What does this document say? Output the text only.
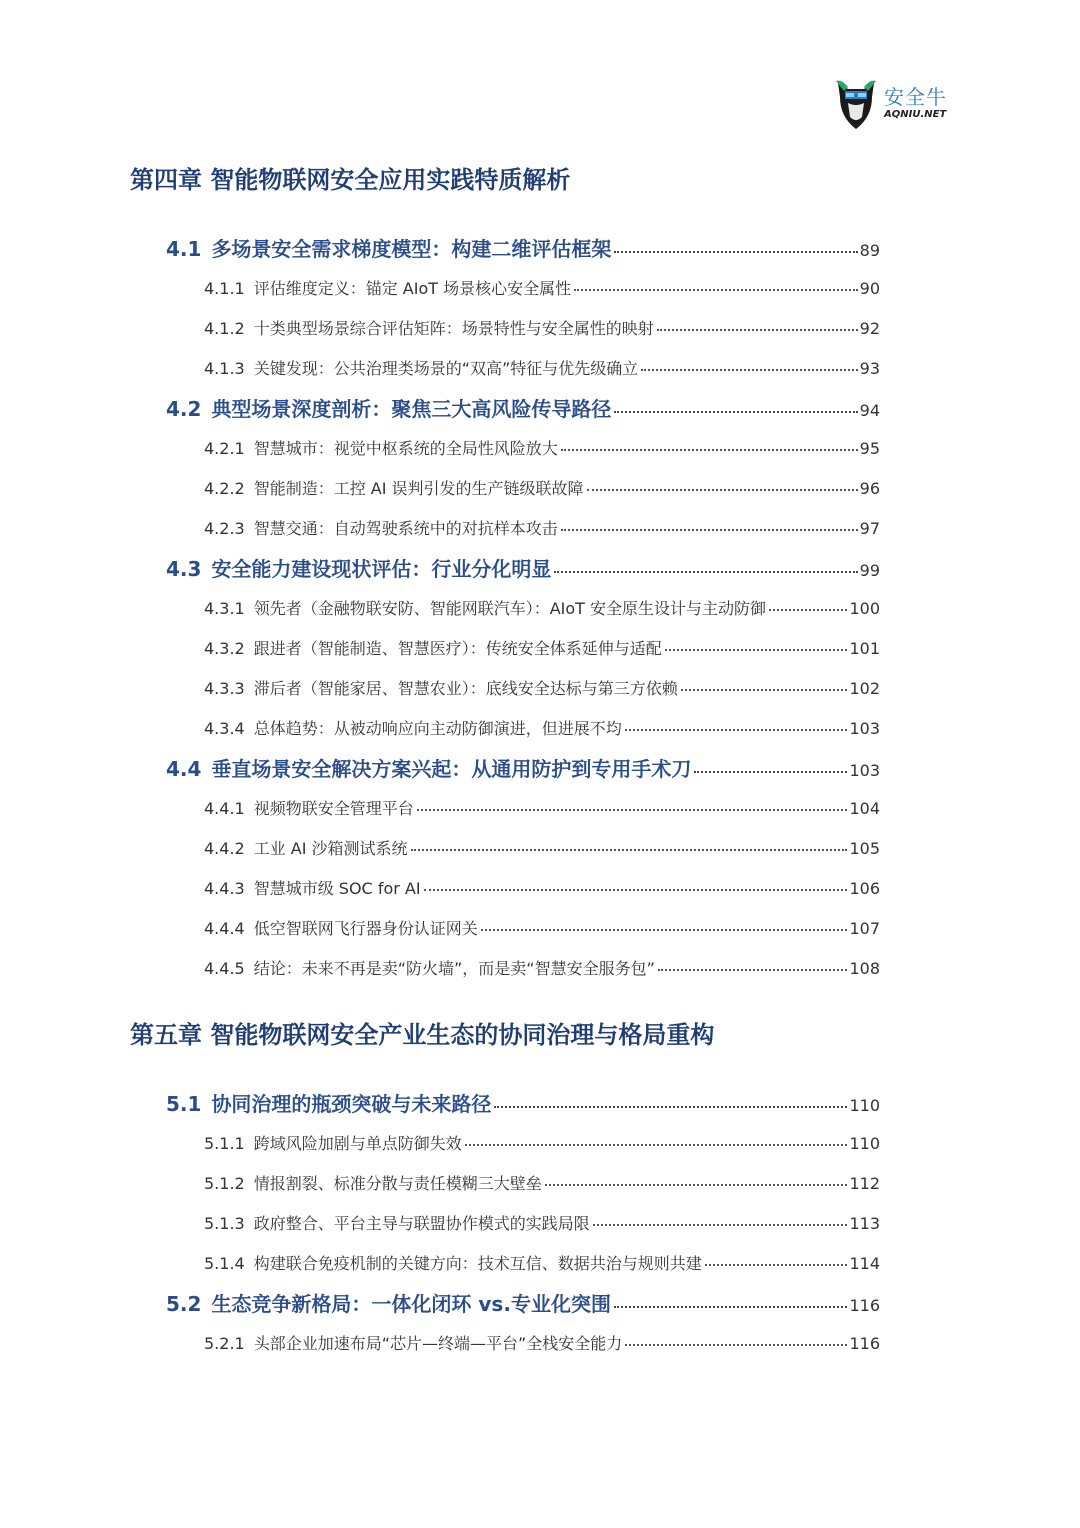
安全牛
AQNIU.NET
第四章 智能物联网安全应用实践特质解析
4.1 多场景安全需求梯度模型：构建二维评估框架	89
4.1.1 评估维度定义：锚定 AIoT 场景核心安全属性	90
4.1.2 十类典型场景综合评估矩阵：场景特性与安全属性的映射	92
4.1.3 关键发现：公共治理类场景的“双高”特征与优先级确立	93
4.2 典型场景深度剖析：聚焦三大高风险传导路径	94
4.2.1 智慧城市：视觉中枢系统的全局性风险放大	95
4.2.2 智能制造：工控 AI 误判引发的生产链级联故障	96
4.2.3 智慧交通：自动驾驶系统中的对抗样本攻击	97
4.3 安全能力建设现状评估：行业分化明显	99
4.3.1 领先者（金融物联安防、智能网联汽车）：AIoT 安全原生设计与主动防御	100
4.3.2 跟进者（智能制造、智慧医疗）：传统安全体系延伸与适配	101
4.3.3 滞后者（智能家居、智慧农业）：底线安全达标与第三方依赖	102
4.3.4 总体趋势：从被动响应向主动防御演进，但进展不均	103
4.4 垂直场景安全解决方案兴起：从通用防护到专用手术刀	103
4.4.1 视频物联安全管理平台	104
4.4.2 工业 AI 沙箱测试系统	105
4.4.3 智慧城市级 SOC for AI	106
4.4.4 低空智联网飞行器身份认证网关	107
4.4.5 结论：未来不再是卖“防火墙”，而是卖“智慧安全服务包”	108
第五章 智能物联网安全产业生态的协同治理与格局重构
5.1 协同治理的瓶颈突破与未来路径	110
5.1.1 跨域风险加剧与单点防御失效	110
5.1.2 情报割裂、标准分散与责任模糊三大壁垒	112
5.1.3 政府整合、平台主导与联盟协作模式的实践局限	113
5.1.4 构建联合免疫机制的关键方向：技术互信、数据共治与规则共建	114
5.2 生态竞争新格局：一体化闭环 vs.专业化突围	116
5.2.1 头部企业加速布局“芯片—终端—平台”全栈安全能力	116
